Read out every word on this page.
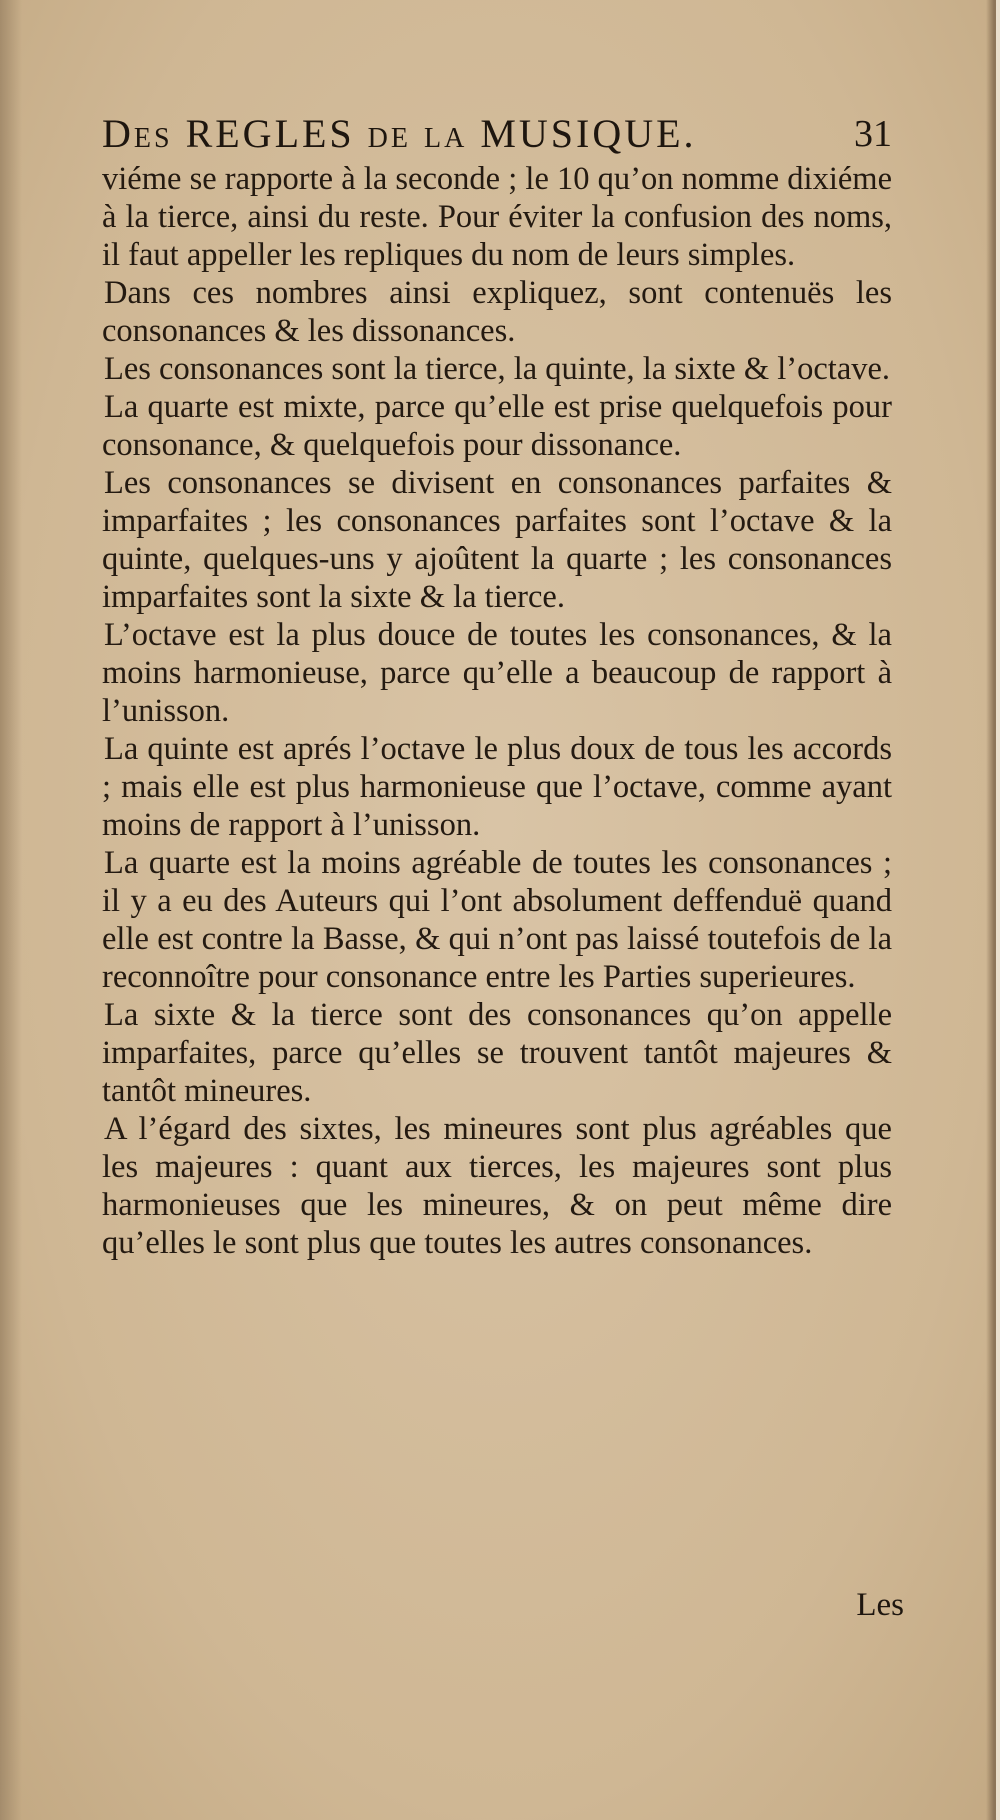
Des REGLES de la MUSIQUE.	31

viéme se rapporte à la seconde ; le 10 qu’on nomme dixiéme à la tierce, ainsi du reste. Pour éviter la confusion des noms, il faut appeller les repliques du nom de leurs simples.

Dans ces nombres ainsi expliquez, sont contenuës les consonances & les dissonances.

Les consonances sont la tierce, la quinte, la sixte & l’octave.

La quarte est mixte, parce qu’elle est prise quelquefois pour consonance, & quelquefois pour dissonance.

Les consonances se divisent en consonances parfaites & imparfaites ; les consonances parfaites sont l’octave & la quinte, quelques-uns y ajoûtent la quarte ; les consonances imparfaites sont la sixte & la tierce.

L’octave est la plus douce de toutes les consonances, & la moins harmonieuse, parce qu’elle a beaucoup de rapport à l’unisson.

La quinte est aprés l’octave le plus doux de tous les accords ; mais elle est plus harmonieuse que l’octave, comme ayant moins de rapport à l’unisson.

La quarte est la moins agréable de toutes les consonances ; il y a eu des Auteurs qui l’ont absolument deffenduë quand elle est contre la Basse, & qui n’ont pas laissé toutefois de la reconnoître pour consonance entre les Parties superieures.

La sixte & la tierce sont des consonances qu’on appelle imparfaites, parce qu’elles se trouvent tantôt majeures & tantôt mineures.

A l’égard des sixtes, les mineures sont plus agréables que les majeures : quant aux tierces, les majeures sont plus harmonieuses que les mineures, & on peut même dire qu’elles le sont plus que toutes les autres consonances.

Les
